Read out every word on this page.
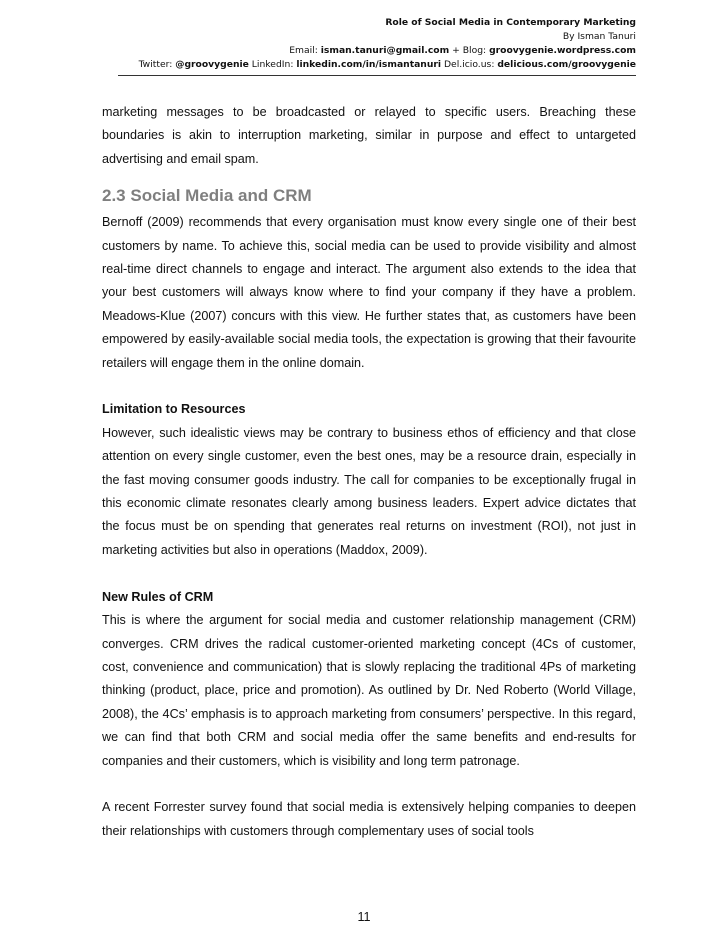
Role of Social Media in Contemporary Marketing
By Isman Tanuri
Email: isman.tanuri@gmail.com + Blog: groovygenie.wordpress.com
Twitter: @groovygenie LinkedIn: linkedin.com/in/ismantanuri Del.icio.us: delicious.com/groovygenie

marketing messages to be broadcasted or relayed to specific users. Breaching these boundaries is akin to interruption marketing, similar in purpose and effect to untargeted advertising and email spam.

2.3 Social Media and CRM

Bernoff (2009) recommends that every organisation must know every single one of their best customers by name. To achieve this, social media can be used to provide visibility and almost real-time direct channels to engage and interact. The argument also extends to the idea that your best customers will always know where to find your company if they have a problem. Meadows-Klue (2007) concurs with this view. He further states that, as customers have been empowered by easily-available social media tools, the expectation is growing that their favourite retailers will engage them in the online domain.

Limitation to Resources

However, such idealistic views may be contrary to business ethos of efficiency and that close attention on every single customer, even the best ones, may be a resource drain, especially in the fast moving consumer goods industry. The call for companies to be exceptionally frugal in this economic climate resonates clearly among business leaders. Expert advice dictates that the focus must be on spending that generates real returns on investment (ROI), not just in marketing activities but also in operations (Maddox, 2009).

New Rules of CRM

This is where the argument for social media and customer relationship management (CRM) converges. CRM drives the radical customer-oriented marketing concept (4Cs of customer, cost, convenience and communication) that is slowly replacing the traditional 4Ps of marketing thinking (product, place, price and promotion). As outlined by Dr. Ned Roberto (World Village, 2008), the 4Cs’ emphasis is to approach marketing from consumers’ perspective. In this regard, we can find that both CRM and social media offer the same benefits and end-results for companies and their customers, which is visibility and long term patronage.

A recent Forrester survey found that social media is extensively helping companies to deepen their relationships with customers through complementary uses of social tools

11
